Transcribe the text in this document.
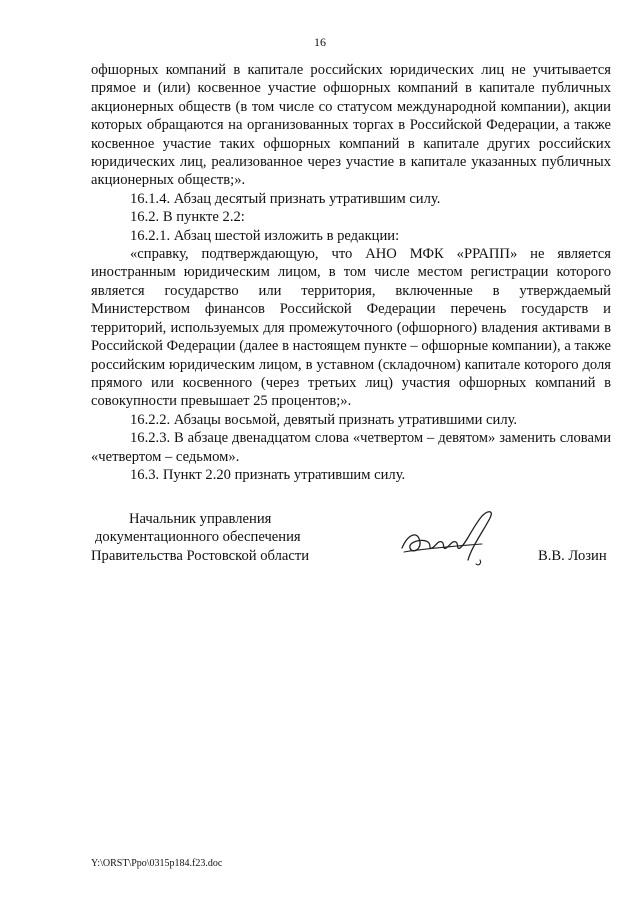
16

офшорных компаний в капитале российских юридических лиц не учитывается прямое и (или) косвенное участие офшорных компаний в капитале публичных акционерных обществ (в том числе со статусом международной компании), акции которых обращаются на организованных торгах в Российской Федерации, а также косвенное участие таких офшорных компаний в капитале других российских юридических лиц, реализованное через участие в капитале указанных публичных акционерных обществ;».

16.1.4. Абзац десятый признать утратившим силу.

16.2. В пункте 2.2:

16.2.1. Абзац шестой изложить в редакции:

«справку, подтверждающую, что АНО МФК «РРАПП» не является иностранным юридическим лицом, в том числе местом регистрации которого является государство или территория, включенные в утверждаемый Министерством финансов Российской Федерации перечень государств и территорий, используемых для промежуточного (офшорного) владения активами в Российской Федерации (далее в настоящем пункте – офшорные компании), а также российским юридическим лицом, в уставном (складочном) капитале которого доля прямого или косвенного (через третьих лиц) участия офшорных компаний в совокупности превышает 25 процентов;».

16.2.2. Абзацы восьмой, девятый признать утратившими силу.

16.2.3. В абзаце двенадцатом слова «четвертом – девятом» заменить словами «четвертом – седьмом».

16.3. Пункт 2.20 признать утратившим силу.

Начальник управления
документационного обеспечения
Правительства Ростовской области	В.В. Лозин
Y:\ORST\Ppo\0315p184.f23.doc
